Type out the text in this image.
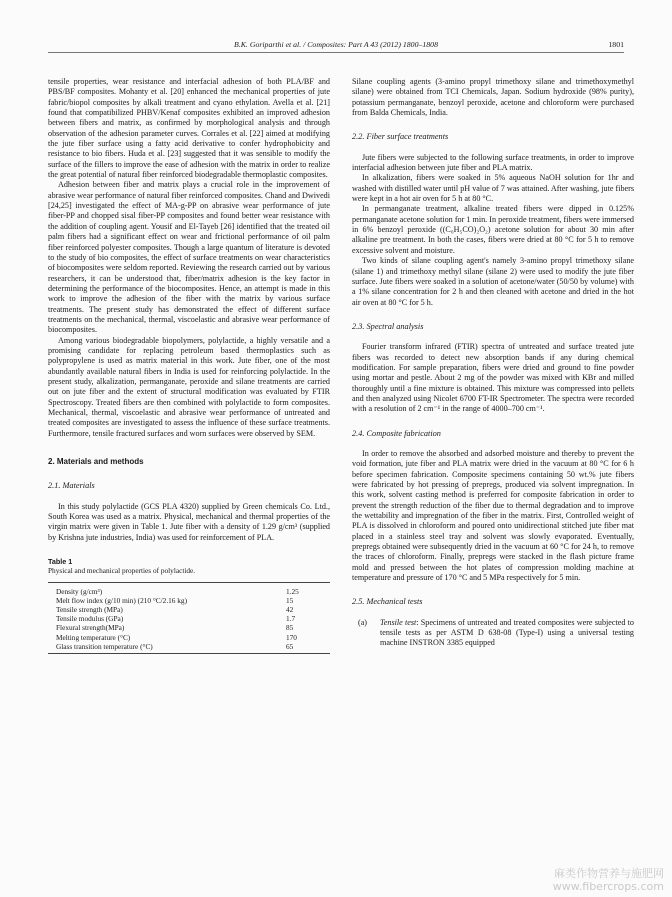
B.K. Goriparthi et al. / Composites: Part A 43 (2012) 1800–1808	1801

tensile properties, wear resistance and interfacial adhesion of both PLA/BF and PBS/BF composites. Mohanty et al. [20] enhanced the mechanical properties of jute fabric/biopol composites by alkali treatment and cyano ethylation. Avella et al. [21] found that compatibilized PHBV/Kenaf composites exhibited an improved adhesion between fibers and matrix, as confirmed by morphological analysis and through observation of the adhesion parameter curves. Corrales et al. [22] aimed at modifying the jute fiber surface using a fatty acid derivative to confer hydrophobicity and resistance to bio fibers. Huda et al. [23] suggested that it was sensible to modify the surface of the fillers to improve the ease of adhesion with the matrix in order to realize the great potential of natural fiber reinforced biodegradable thermoplastic composites.

Adhesion between fiber and matrix plays a crucial role in the improvement of abrasive wear performance of natural fiber reinforced composites. Chand and Dwivedi [24,25] investigated the effect of MA-g-PP on abrasive wear performance of jute fiber-PP and chopped sisal fiber-PP composites and found better wear resistance with the addition of coupling agent. Yousif and El-Tayeb [26] identified that the treated oil palm fibers had a significant effect on wear and frictional performance of oil palm fiber reinforced polyester composites. Though a large quantum of literature is devoted to the study of bio composites, the effect of surface treatments on wear characteristics of biocomposites were seldom reported. Reviewing the research carried out by various researchers, it can be understood that, fiber/matrix adhesion is the key factor in determining the performance of the biocomposites. Hence, an attempt is made in this work to improve the adhesion of the fiber with the matrix by various surface treatments. The present study has demonstrated the effect of different surface treatments on the mechanical, thermal, viscoelastic and abrasive wear performance of biocomposites.

Among various biodegradable biopolymers, polylactide, a highly versatile and a promising candidate for replacing petroleum based thermoplastics such as polypropylene is used as matrix material in this work. Jute fiber, one of the most abundantly available natural fibers in India is used for reinforcing polylactide. In the present study, alkalization, permanganate, peroxide and silane treatments are carried out on jute fiber and the extent of structural modification was evaluated by FTIR Spectroscopy. Treated fibers are then combined with polylactide to form composites. Mechanical, thermal, viscoelastic and abrasive wear performance of untreated and treated composites are investigated to assess the influence of these surface treatments. Furthermore, tensile fractured surfaces and worn surfaces were observed by SEM.

2. Materials and methods
2.1. Materials

In this study polylactide (GCS PLA 4320) supplied by Green chemicals Co. Ltd., South Korea was used as a matrix. Physical, mechanical and thermal properties of the virgin matrix were given in Table 1. Jute fiber with a density of 1.29 g/cm³ (supplied by Krishna jute industries, India) was used for reinforcement of PLA.

Table 1
Physical and mechanical properties of polylactide.
Density (g/cm³)	1.25
Melt flow index (g/10 min) (210 °C/2.16 kg)	15
Tensile strength (MPa)	42
Tensile modulus (GPa)	1.7
Flexural strength(MPa)	85
Melting temperature (°C)	170
Glass transition temperature (°C)	65

Silane coupling agents (3-amino propyl trimethoxy silane and trimethoxymethyl silane) were obtained from TCI Chemicals, Japan. Sodium hydroxide (98% purity), potassium permanganate, benzoyl peroxide, acetone and chloroform were purchased from Balda Chemicals, India.

2.2. Fiber surface treatments

Jute fibers were subjected to the following surface treatments, in order to improve interfacial adhesion between jute fiber and PLA matrix.

In alkalization, fibers were soaked in 5% aqueous NaOH solution for 1hr and washed with distilled water until pH value of 7 was attained. After washing, jute fibers were kept in a hot air oven for 5 h at 80 °C.

In permanganate treatment, alkaline treated fibers were dipped in 0.125% permanganate acetone solution for 1 min. In peroxide treatment, fibers were immersed in 6% benzoyl peroxide ((C₆H₅CO)₂O₂) acetone solution for about 30 min after alkaline pre treatment. In both the cases, fibers were dried at 80 °C for 5 h to remove excessive solvent and moisture.

Two kinds of silane coupling agent's namely 3-amino propyl trimethoxy silane (silane 1) and trimethoxy methyl silane (silane 2) were used to modify the jute fiber surface. Jute fibers were soaked in a solution of acetone/water (50/50 by volume) with a 1% silane concentration for 2 h and then cleaned with acetone and dried in the hot air oven at 80 °C for 5 h.

2.3. Spectral analysis

Fourier transform infrared (FTIR) spectra of untreated and surface treated jute fibers was recorded to detect new absorption bands if any during chemical modification. For sample preparation, fibers were dried and ground to fine powder using mortar and pestle. About 2 mg of the powder was mixed with KBr and milled thoroughly until a fine mixture is obtained. This mixture was compressed into pellets and then analyzed using Nicolet 6700 FT-IR Spectrometer. The spectra were recorded with a resolution of 2 cm⁻¹ in the range of 4000–700 cm⁻¹.

2.4. Composite fabrication

In order to remove the absorbed and adsorbed moisture and thereby to prevent the void formation, jute fiber and PLA matrix were dried in the vacuum at 80 °C for 6 h before specimen fabrication. Composite specimens containing 50 wt.% jute fibers were fabricated by hot pressing of prepregs, produced via solvent impregnation. In this work, solvent casting method is preferred for composite fabrication in order to prevent the strength reduction of the fiber due to thermal degradation and to improve the wettability and impregnation of the fiber in the matrix. First, Controlled weight of PLA is dissolved in chloroform and poured onto unidirectional stitched jute fiber mat placed in a stainless steel tray and solvent was slowly evaporated. Eventually, prepregs obtained were subsequently dried in the vacuum at 60 °C for 24 h, to remove the traces of chloroform. Finally, prepregs were stacked in the flash picture frame mold and pressed between the hot plates of compression molding machine at temperature and pressure of 170 °C and 5 MPa respectively for 5 min.

2.5. Mechanical tests
(a)	Tensile test: Specimens of untreated and treated composites were subjected to tensile tests as per ASTM D 638-08 (Type-I) using a universal testing machine INSTRON 3385 equipped
麻类作物营养与施肥网
www.fibercrops.com
